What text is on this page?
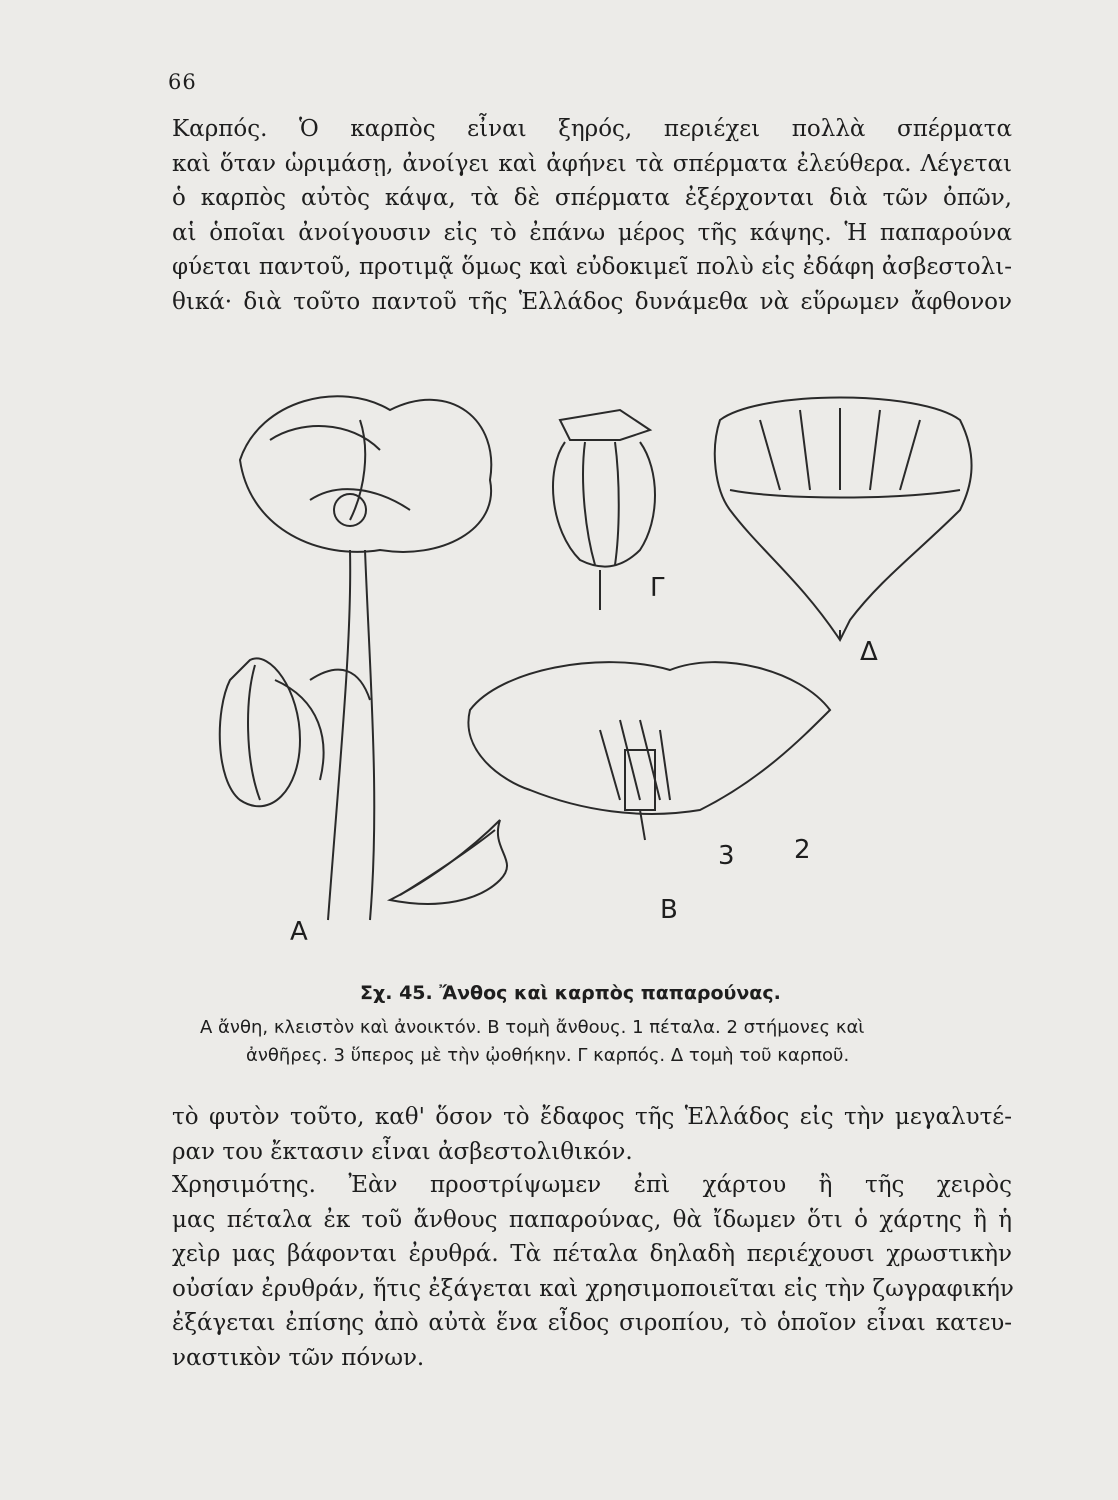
66

Καρπός. Ὁ καρπὸς εἶναι ξηρός, περιέχει πολλὰ σπέρματα
καὶ ὅταν ὡριμάσῃ, ἀνοίγει καὶ ἀφήνει τὰ σπέρματα ἐλεύθερα. Λέγεται
ὁ καρπὸς αὐτὸς κάψα, τὰ δὲ σπέρματα ἐξέρχονται διὰ τῶν ὀπῶν,
αἱ ὁποῖαι ἀνοίγουσιν εἰς τὸ ἐπάνω μέρος τῆς κάψης. Ἡ παπαρούνα
φύεται παντοῦ, προτιμᾷ ὅμως καὶ εὐδοκιμεῖ πολὺ εἰς ἐδάφη ἀσβεστολι-
θικά· διὰ τοῦτο παντοῦ τῆς Ἑλλάδος δυνάμεθα νὰ εὕρωμεν ἄφθονον

Α
Β
Γ
Δ
2
3
Σχ. 45. Ἄνθος καὶ καρπὸς παπαρούνας.
Α ἄνθη, κλειστὸν καὶ ἀνοικτόν. Β τομὴ ἄνθους. 1 πέταλα. 2 στήμονες καὶ
ἀνθῆρες. 3 ὕπερος μὲ τὴν ᾠοθήκην. Γ καρπός. Δ τομὴ τοῦ καρποῦ.

τὸ φυτὸν τοῦτο, καθ' ὅσον τὸ ἔδαφος τῆς Ἑλλάδος εἰς τὴν μεγαλυτέ-
ραν του ἔκτασιν εἶναι ἀσβεστολιθικόν.

Χρησιμότης. Ἐὰν προστρίψωμεν ἐπὶ χάρτου ἢ τῆς χειρὸς
μας πέταλα ἐκ τοῦ ἄνθους παπαρούνας, θὰ ἴδωμεν ὅτι ὁ χάρτης ἢ ἡ
χεὶρ μας βάφονται ἐρυθρά. Τὰ πέταλα δηλαδὴ περιέχουσι χρωστικὴν
οὐσίαν ἐρυθράν, ἥτις ἐξάγεται καὶ χρησιμοποιεῖται εἰς τὴν ζωγραφικήν
ἐξάγεται ἐπίσης ἀπὸ αὐτὰ ἕνα εἶδος σιροπίου, τὸ ὁποῖον εἶναι κατευ-
ναστικὸν τῶν πόνων.
